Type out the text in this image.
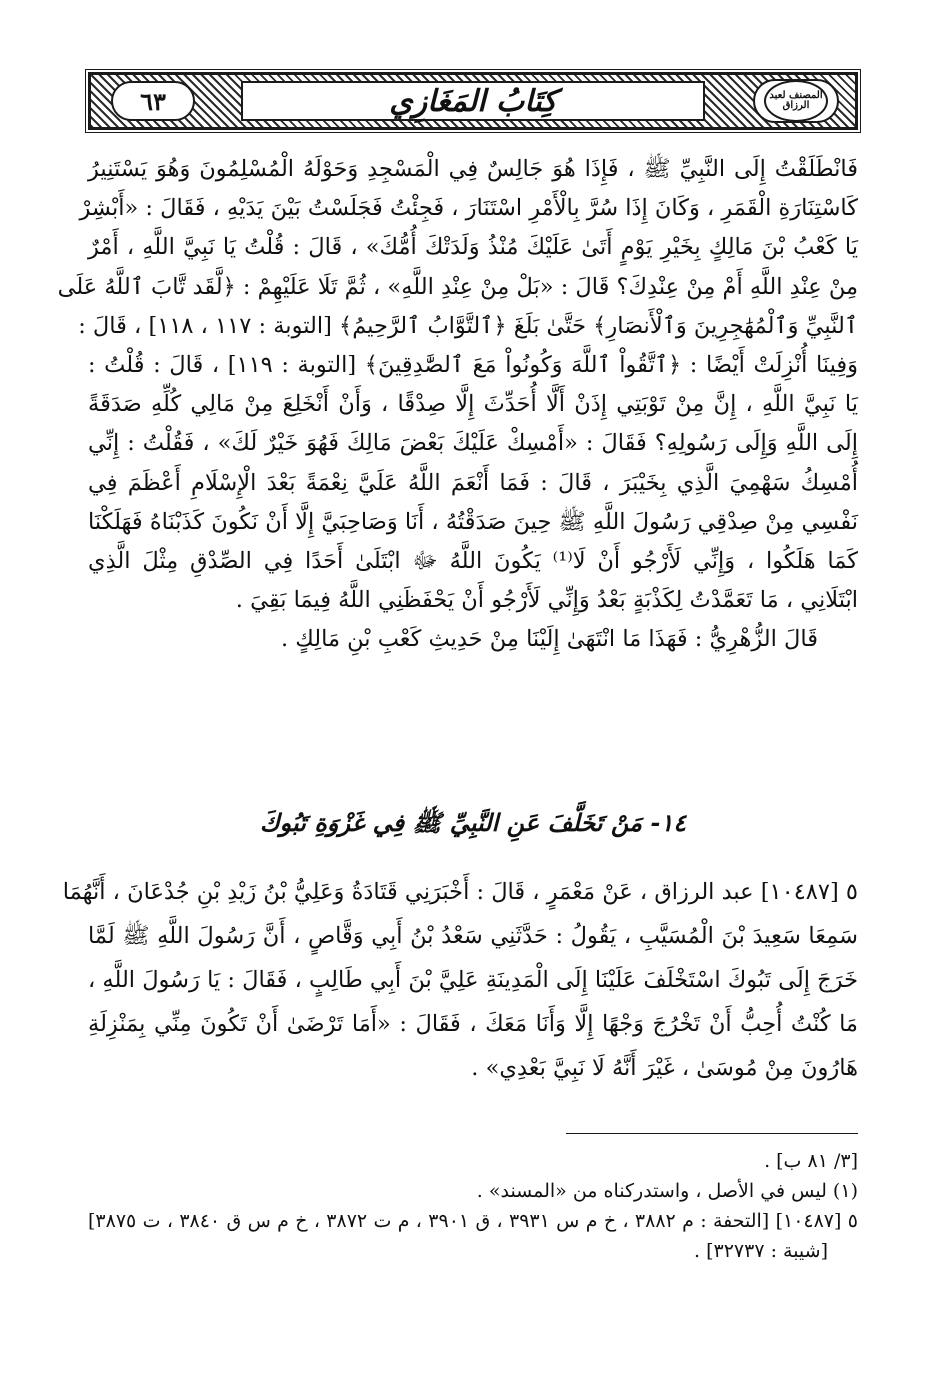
٦٣	كِتَابُ المَغَازِي	المصنف لعبد الرزاق
فَانْطَلَقْتُ إِلَى النَّبِيِّ ﷺ ، فَإِذَا هُوَ جَالِسٌ فِي الْمَسْجِدِ وَحَوْلَهُ الْمُسْلِمُونَ وَهُوَ يَسْتَنِيرُ
كَاسْتِنَارَةِ الْقَمَرِ ، وَكَانَ إِذَا سُرَّ بِالْأَمْرِ اسْتَنَارَ ، فَجِئْتُ فَجَلَسْتُ بَيْنَ يَدَيْهِ ، فَقَالَ : «أَبْشِرْ
يَا كَعْبُ بْنَ مَالِكٍ بِخَيْرِ يَوْمٍ أَتَىٰ عَلَيْكَ مُنْذُ وَلَدَتْكَ أُمُّكَ» ، قَالَ : قُلْتُ يَا نَبِيَّ اللَّهِ ، أَمْرٌ
مِنْ عِنْدِ اللَّهِ أَمْ مِنْ عِنْدِكَ؟ قَالَ : «بَلْ مِنْ عِنْدِ اللَّهِ» ، ثُمَّ تَلَا عَلَيْهِمْ : ﴿لَّقَد تَّابَ ٱللَّهُ عَلَى
ٱلنَّبِيِّ وَٱلْمُهَٰجِرِينَ وَٱلْأَنصَارِ﴾ حَتَّىٰ بَلَغَ ﴿ٱلتَّوَّابُ ٱلرَّحِيمُ﴾ [التوبة : ١١٧ ، ١١٨] ، قَالَ :
وَفِينَا أُنْزِلَتْ أَيْضًا : ﴿ٱتَّقُواْ ٱللَّهَ وَكُونُواْ مَعَ ٱلصَّٰدِقِينَ﴾ [التوبة : ١١٩] ، قَالَ : قُلْتُ :
يَا نَبِيَّ اللَّهِ ، إِنَّ مِنْ تَوْبَتِي إِذَنْ أَلَّا أُحَدِّثَ إِلَّا صِدْقًا ، وَأَنْ أَنْخَلِعَ مِنْ مَالِي كُلِّهِ صَدَقَةً
إِلَى اللَّهِ وَإِلَى رَسُولِهِ؟ فَقَالَ : «أَمْسِكْ عَلَيْكَ بَعْضَ مَالِكَ فَهُوَ خَيْرٌ لَكَ» ، فَقُلْتُ : إِنِّي
أُمْسِكُ سَهْمِيَ الَّذِي بِخَيْبَرَ ، قَالَ : فَمَا أَنْعَمَ اللَّهُ عَلَيَّ نِعْمَةً بَعْدَ الْإِسْلَامِ أَعْظَمَ فِي
نَفْسِي مِنْ صِدْقِي رَسُولَ اللَّهِ ﷺ حِينَ صَدَقْتُهُ ، أَنَا وَصَاحِبَيَّ إِلَّا أَنْ نَكُونَ كَذَبْنَاهُ فَهَلَكْنَا
كَمَا هَلَكُوا ، وَإِنِّي لَأَرْجُو أَنْ لَا⁽¹⁾ يَكُونَ اللَّهُ ﷻ ابْتَلَىٰ أَحَدًا فِي الصِّدْقِ مِثْلَ الَّذِي
ابْتَلَانِي ، مَا تَعَمَّدْتُ لِكَذْبَةٍ بَعْدُ وَإِنِّي لَأَرْجُو أَنْ يَحْفَظَنِي اللَّهُ فِيمَا بَقِيَ .
قَالَ الزُّهْرِيُّ : فَهَذَا مَا انْتَهَىٰ إِلَيْنَا مِنْ حَدِيثِ كَعْبِ بْنِ مَالِكٍ .
١٤- مَنْ تَخَلَّفَ عَنِ النَّبِيِّ ﷺ فِي غَزْوَةِ تَبُوكَ
٥ [١٠٤٨٧] عبد الرزاق ، عَنْ مَعْمَرٍ ، قَالَ : أَخْبَرَنِي قَتَادَةُ وَعَلِيُّ بْنُ زَيْدِ بْنِ جُدْعَانَ ، أَنَّهُمَا
سَمِعَا سَعِيدَ بْنَ الْمُسَيَّبِ ، يَقُولُ : حَدَّثَنِي سَعْدُ بْنُ أَبِي وَقَّاصٍ ، أَنَّ رَسُولَ اللَّهِ ﷺ لَمَّا
خَرَجَ إِلَى تَبُوكَ اسْتَخْلَفَ عَلَيْنَا إِلَى الْمَدِينَةِ عَلِيَّ بْنَ أَبِي طَالِبٍ ، فَقَالَ : يَا رَسُولَ اللَّهِ ،
مَا كُنْتُ أُحِبُّ أَنْ تَخْرُجَ وَجْهًا إِلَّا وَأَنَا مَعَكَ ، فَقَالَ : «أَمَا تَرْضَىٰ أَنْ تَكُونَ مِنِّي بِمَنْزِلَةِ
هَارُونَ مِنْ مُوسَىٰ ، غَيْرَ أَنَّهُ لَا نَبِيَّ بَعْدِي» .
[٣/ ٨١ ب] .
(١) ليس في الأصل ، واستدركناه من «المسند» .
٥ [١٠٤٨٧] [التحفة : م ٣٨٨٢ ، خ م س ٣٩٣١ ، ق ٣٩٠١ ، م ت ٣٨٧٢ ، خ م س ق ٣٨٤٠ ، ت ٣٨٧٥]
[شيبة : ٣٢٧٣٧] .
